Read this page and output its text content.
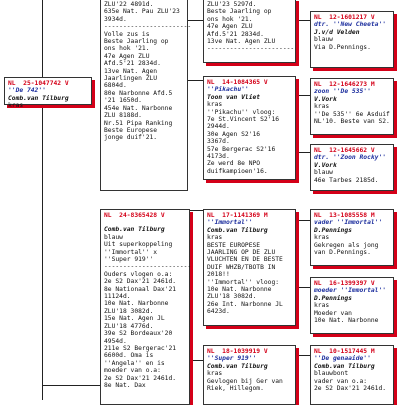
ZLU'22 4891d.
635e Nat. Pau ZLU'23
3934d.
-----------------------
Volle zus is
Beste Jaarling op
ons hok '21.
47e Agen ZLU
Afd.5'21 2834d.
13ve Nat. Agen
Jaarlingen ZLU
6804d.
80e Narbonne Afd.5
'21 1650d.
454e Nat. Narbonne
ZLU 8188d.
Nr.51 Pipa Ranking
Beste Europese
jonge duif'21.
NL  25-1047742 V
''De 742''
Comb.van Tilburg
kras
NL  24-8365428 V
Comb.van Tilburg
blauw
Uit superkoppeling
''Immortal'' x
''Super 919''
-----------------------
Ouders vlogen o.a:
2e S2 Dax'21 2461d.
8e Nationaal Dax'21
11124d.
10e Nat. Narbonne
ZLU'18 3082d.
15e Nat. Agen JL
ZLU'18 4776d.
39e S2 Bordeaux'20
4954d.
211e S2 Bergerac'21
6600d. Oma is
''Angela'' en is
moeder van o.a:
2e S2 Dax'21 2461d.
8e Nat. Dax
ZLU'23 5297d.
Beste Jaarling op
ons hok '21.
47e Agen ZLU
Afd.5'21 2834d.
13ve Nat. Agen ZLU
-----------------------
NL  14-1084365 V
''Pikachu''
Toon van Vliet
kras
''Pikachu'' vloog:
7e St.Vincent S2'16
2944d.
30e Agen S2'16
3367d.
57e Bergerac S2'16
4173d.
Ze werd 8e NPO
duifkampioen'16.
NL  17-1141369 M
''Immortal''
Comb.van Tilburg
kras
BESTE EUROPESE
JAARLING OP DE ZLU
VLUCHTEN EN DE BESTE
DUIF WHZB/TBOTB IN
2018!!
''Immortal'' vloog:
10e Nat. Narbonne
ZLU'18 3082d.
26e Int. Narbonne JL
6423d.
NL  18-1039919 V
''Super 919''
Comb.van Tilburg
kras
Gevlogen bij Ger van
Riek, Hillegom.
NL  12-1601217 V
dtr. ''New Cheeta''
J.v/d Velden
blauw
Via D.Pennings.
NL  12-1646273 M
zoon ''De 535''
V.Vork
kras
''De 535'' 6e Asduif
NL'10. Beste van S2.
NL  12-1645662 V
dtr. ''Zoon Rocky''
V.Vork
blauw
46e Tarbes 2185d.
NL  13-1085558 M
vader ''Immortal''
D.Pennings
kras
Gekregen als jong
van D.Pennings.
NL  16-1399397 V
moeder ''Immortal''
D.Pennings
kras
Moeder van
10e Nat. Narbonne
NL  10-1517445 M
''De genaaide''
Comb.van Tilburg
blauwbont
vader van o.a:
2e S2 Dax'21 2461d.
